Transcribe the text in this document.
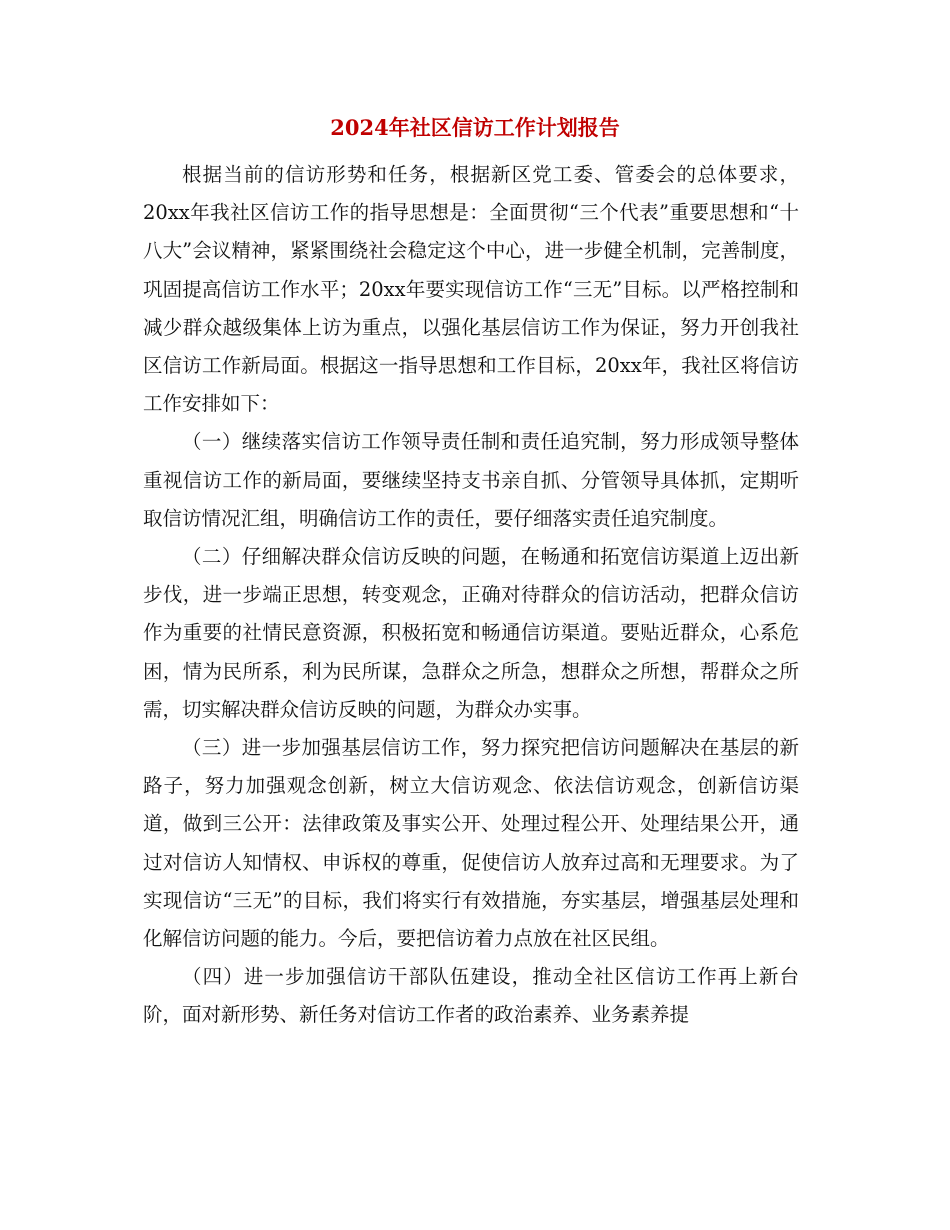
2024年社区信访工作计划报告

根据当前的信访形势和任务，根据新区党工委、管委会的总体要求，20xx年我社区信访工作的指导思想是：全面贯彻“三个代表”重要思想和“十八大”会议精神，紧紧围绕社会稳定这个中心，进一步健全机制，完善制度，巩固提高信访工作水平；20xx年要实现信访工作“三无”目标。以严格控制和减少群众越级集体上访为重点，以强化基层信访工作为保证，努力开创我社区信访工作新局面。根据这一指导思想和工作目标，20xx年，我社区将信访工作安排如下：

（一）继续落实信访工作领导责任制和责任追究制，努力形成领导整体重视信访工作的新局面，要继续坚持支书亲自抓、分管领导具体抓，定期听取信访情况汇组，明确信访工作的责任，要仔细落实责任追究制度。

（二）仔细解决群众信访反映的问题，在畅通和拓宽信访渠道上迈出新步伐，进一步端正思想，转变观念，正确对待群众的信访活动，把群众信访作为重要的社情民意资源，积极拓宽和畅通信访渠道。要贴近群众，心系危困，情为民所系，利为民所谋，急群众之所急，想群众之所想，帮群众之所需，切实解决群众信访反映的问题，为群众办实事。

（三）进一步加强基层信访工作，努力探究把信访问题解决在基层的新路子，努力加强观念创新，树立大信访观念、依法信访观念，创新信访渠道，做到三公开：法律政策及事实公开、处理过程公开、处理结果公开，通过对信访人知情权、申诉权的尊重，促使信访人放弃过高和无理要求。为了实现信访“三无”的目标，我们将实行有效措施，夯实基层，增强基层处理和化解信访问题的能力。今后，要把信访着力点放在社区民组。

（四）进一步加强信访干部队伍建设，推动全社区信访工作再上新台阶，面对新形势、新任务对信访工作者的政治素养、业务素养提
